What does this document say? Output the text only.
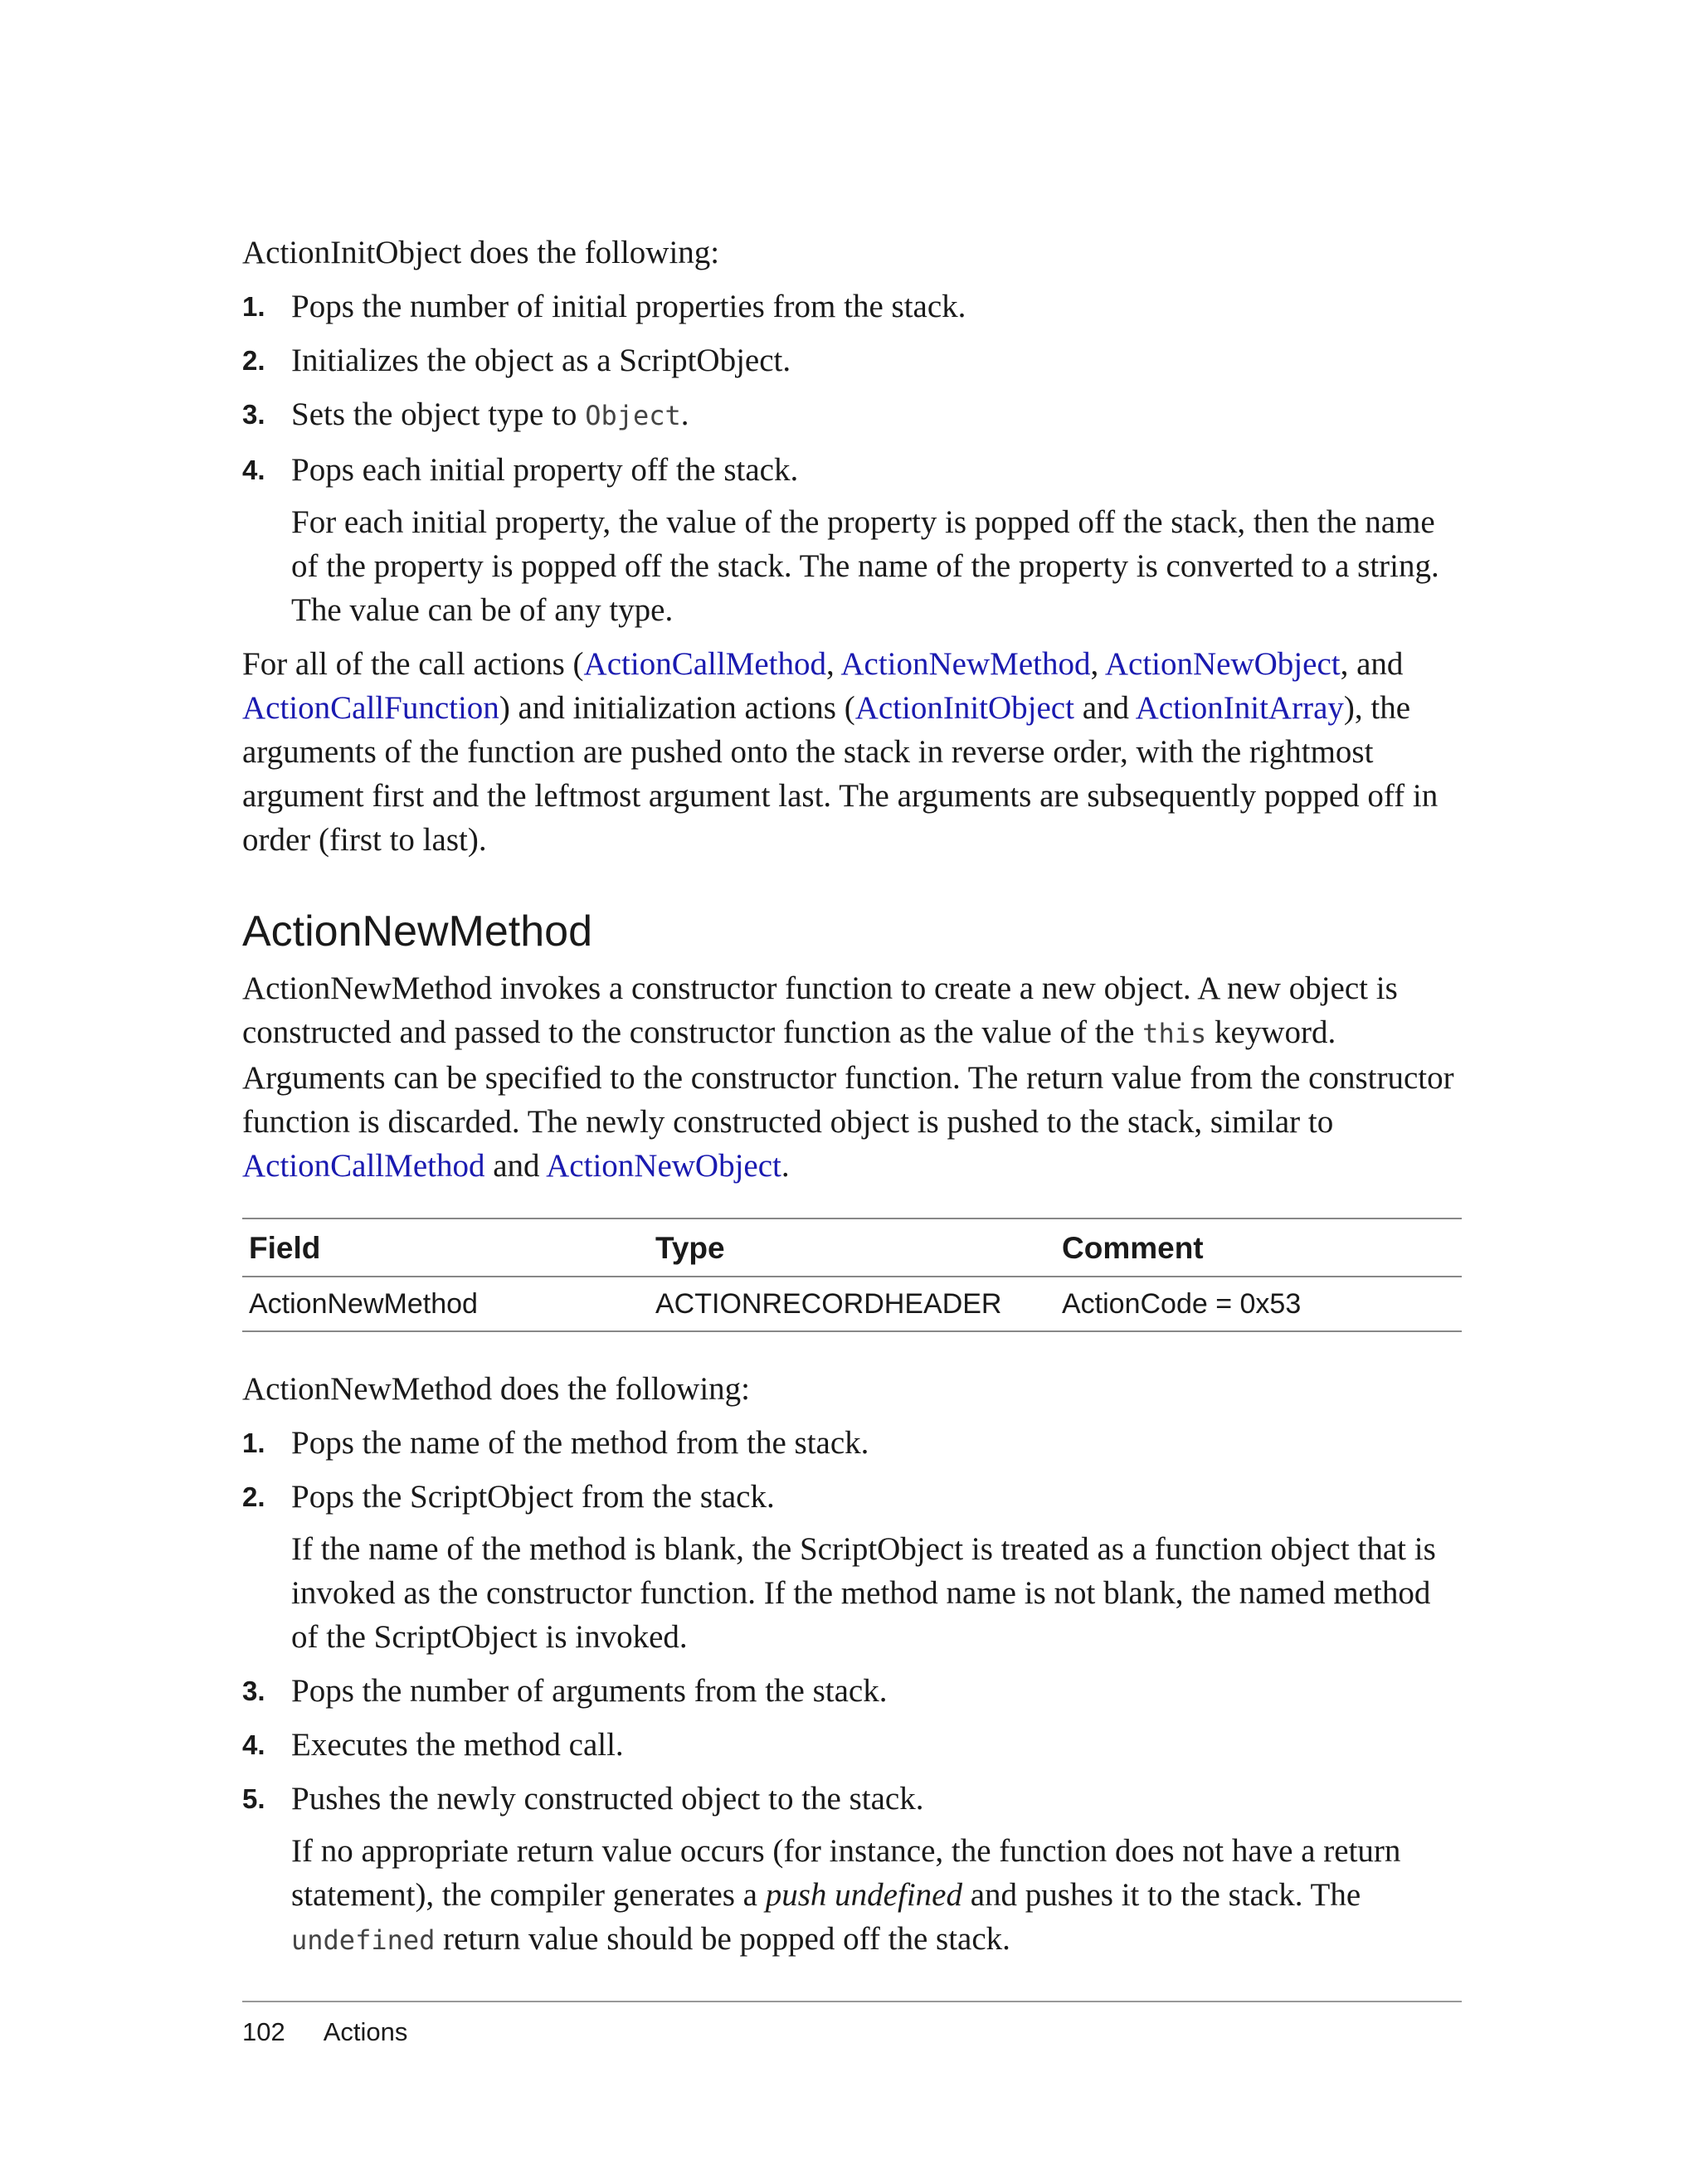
ActionInitObject does the following:

1. Pops the number of initial properties from the stack.
2. Initializes the object as a ScriptObject.
3. Sets the object type to Object.
4. Pops each initial property off the stack.

For each initial property, the value of the property is popped off the stack, then the name of the property is popped off the stack. The name of the property is converted to a string. The value can be of any type.

For all of the call actions (ActionCallMethod, ActionNewMethod, ActionNewObject, and ActionCallFunction) and initialization actions (ActionInitObject and ActionInitArray), the arguments of the function are pushed onto the stack in reverse order, with the rightmost argument first and the leftmost argument last. The arguments are subsequently popped off in order (first to last).

ActionNewMethod

ActionNewMethod invokes a constructor function to create a new object. A new object is constructed and passed to the constructor function as the value of the this keyword. Arguments can be specified to the constructor function. The return value from the constructor function is discarded. The newly constructed object is pushed to the stack, similar to ActionCallMethod and ActionNewObject.

Field	Type	Comment
ActionNewMethod	ACTIONRECORDHEADER	ActionCode = 0x53

ActionNewMethod does the following:

1. Pops the name of the method from the stack.
2. Pops the ScriptObject from the stack.

If the name of the method is blank, the ScriptObject is treated as a function object that is invoked as the constructor function. If the method name is not blank, the named method of the ScriptObject is invoked.

3. Pops the number of arguments from the stack.
4. Executes the method call.
5. Pushes the newly constructed object to the stack.

If no appropriate return value occurs (for instance, the function does not have a return statement), the compiler generates a push undefined and pushes it to the stack. The undefined return value should be popped off the stack.

102 Actions
